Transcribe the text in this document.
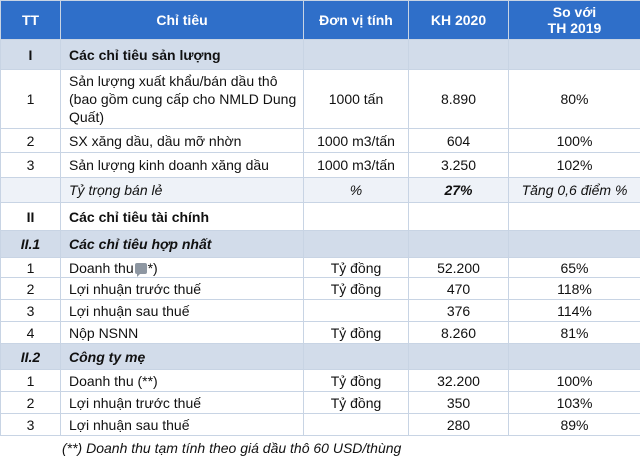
TT	Chỉ tiêu	Đơn vị tính	KH 2020	So với
TH 2019
I	Các chỉ tiêu sản lượng			
1	Sản lượng xuất khẩu/bán dầu thô (bao gồm cung cấp cho NMLD Dung Quất)	1000 tấn	8.890	80%
2	SX xăng dầu, dầu mỡ nhờn	1000 m3/tấn	604	100%
3	Sản lượng kinh doanh xăng dầu	1000 m3/tấn	3.250	102%
	Tỷ trọng bán lẻ	%	27%	Tăng 0,6 điểm %
II	Các chỉ tiêu tài chính			
II.1	Các chỉ tiêu hợp nhất			
1	Doanh thu *)	Tỷ đồng	52.200	65%
2	Lợi nhuận trước thuế	Tỷ đồng	470	118%
3	Lợi nhuận sau thuế		376	114%
4	Nộp NSNN	Tỷ đồng	8.260	81%
II.2	Công ty mẹ			
1	Doanh thu (**)	Tỷ đồng	32.200	100%
2	Lợi nhuận trước thuế	Tỷ đồng	350	103%
3	Lợi nhuận sau thuế		280	89%
(**) Doanh thu tạm tính theo giá dầu thô 60 USD/thùng
